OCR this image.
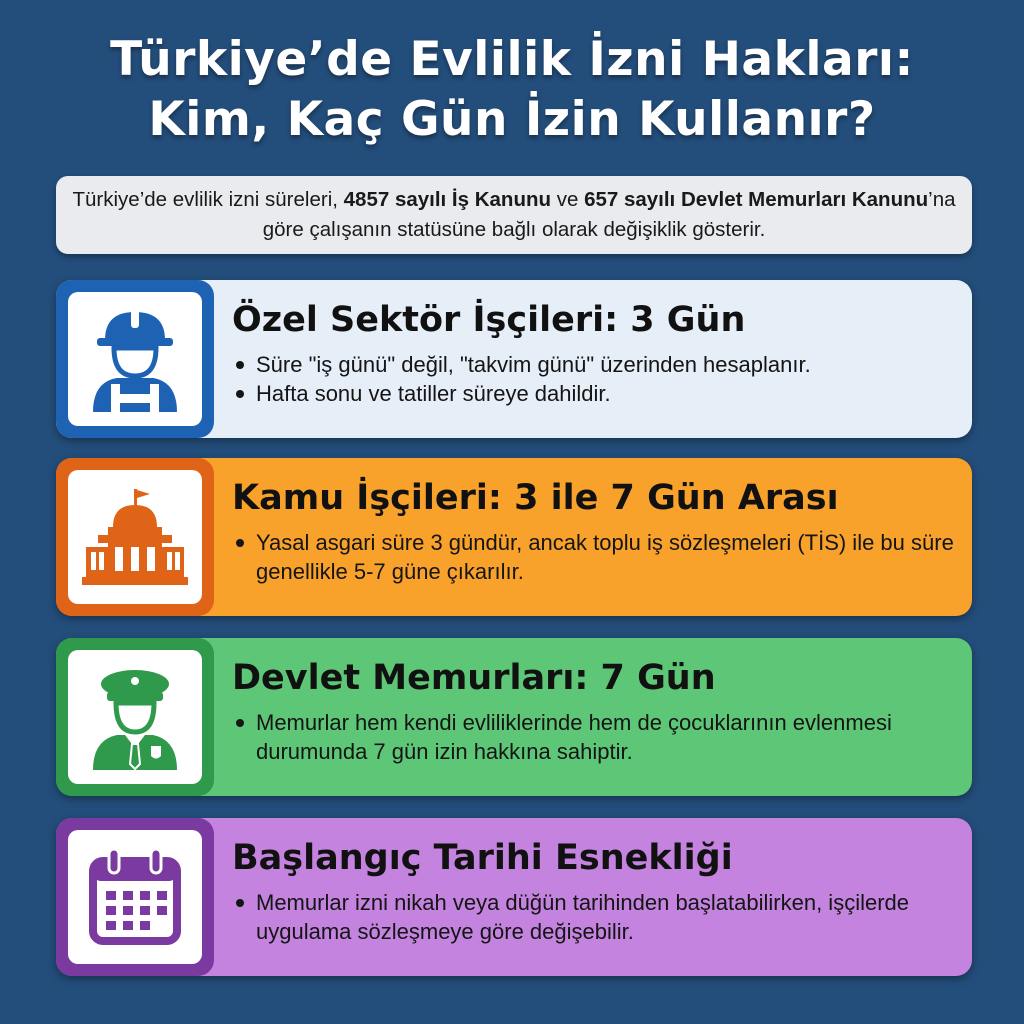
Türkiye’de Evlilik İzni Hakları:
Kim, Kaç Gün İzin Kullanır?
Türkiye’de evlilik izni süreleri, 4857 sayılı İş Kanunu ve 657 sayılı Devlet Memurları Kanunu’na göre çalışanın statüsüne bağlı olarak değişiklik gösterir.
Özel Sektör İşçileri: 3 Gün
Süre "iş günü" değil, "takvim günü" üzerinden hesaplanır.
Hafta sonu ve tatiller süreye dahildir.
Kamu İşçileri: 3 ile 7 Gün Arası
Yasal asgari süre 3 gündür, ancak toplu iş sözleşmeleri (TİS) ile bu süre genellikle 5-7 güne çıkarılır.
Devlet Memurları: 7 Gün
Memurlar hem kendi evliliklerinde hem de çocuklarının evlenmesi durumunda 7 gün izin hakkına sahiptir.
Başlangıç Tarihi Esnekliği
Memurlar izni nikah veya düğün tarihinden başlatabilirken, işçilerde uygulama sözleşmeye göre değişebilir.
